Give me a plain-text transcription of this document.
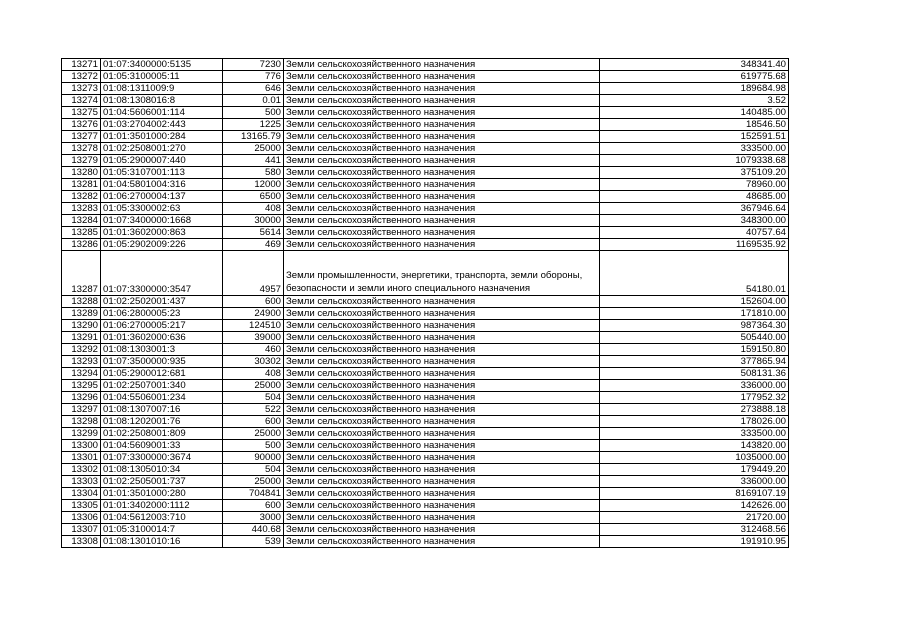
13271	01:07:3400000:5135	7230	Земли сельскохозяйственного назначения	348341.40
13272	01:05:3100005:11	776	Земли сельскохозяйственного назначения	619775.68
13273	01:08:1311009:9	646	Земли сельскохозяйственного назначения	189684.98
13274	01:08:1308016:8	0.01	Земли сельскохозяйственного назначения	3.52
13275	01:04:5606001:114	500	Земли сельскохозяйственного назначения	140485.00
13276	01:03:2704002:443	1225	Земли сельскохозяйственного назначения	18546.50
13277	01:01:3501000:284	13165.79	Земли сельскохозяйственного назначения	152591.51
13278	01:02:2508001:270	25000	Земли сельскохозяйственного назначения	333500.00
13279	01:05:2900007:440	441	Земли сельскохозяйственного назначения	1079338.68
13280	01:05:3107001:113	580	Земли сельскохозяйственного назначения	375109.20
13281	01:04:5801004:316	12000	Земли сельскохозяйственного назначения	78960.00
13282	01:06:2700004:137	6500	Земли сельскохозяйственного назначения	48685.00
13283	01:05:3300002:63	408	Земли сельскохозяйственного назначения	367946.64
13284	01:07:3400000:1668	30000	Земли сельскохозяйственного назначения	348300.00
13285	01:01:3602000:863	5614	Земли сельскохозяйственного назначения	40757.64
13286	01:05:2902009:226	469	Земли сельскохозяйственного назначения	1169535.92
13287	01:07:3300000:3547	4957	Земли промышленности, энергетики, транспорта, земли обороны, безопасности и земли иного специального назначения	54180.01
13288	01:02:2502001:437	600	Земли сельскохозяйственного назначения	152604.00
13289	01:06:2800005:23	24900	Земли сельскохозяйственного назначения	171810.00
13290	01:06:2700005:217	124510	Земли сельскохозяйственного назначения	987364.30
13291	01:01:3602000:636	39000	Земли сельскохозяйственного назначения	505440.00
13292	01:08:1303001:3	460	Земли сельскохозяйственного назначения	159150.80
13293	01:07:3500000:935	30302	Земли сельскохозяйственного назначения	377865.94
13294	01:05:2900012:681	408	Земли сельскохозяйственного назначения	508131.36
13295	01:02:2507001:340	25000	Земли сельскохозяйственного назначения	336000.00
13296	01:04:5506001:234	504	Земли сельскохозяйственного назначения	177952.32
13297	01:08:1307007:16	522	Земли сельскохозяйственного назначения	273888.18
13298	01:08:1202001:76	600	Земли сельскохозяйственного назначения	178026.00
13299	01:02:2508001:809	25000	Земли сельскохозяйственного назначения	333500.00
13300	01:04:5609001:33	500	Земли сельскохозяйственного назначения	143820.00
13301	01:07:3300000:3674	90000	Земли сельскохозяйственного назначения	1035000.00
13302	01:08:1305010:34	504	Земли сельскохозяйственного назначения	179449.20
13303	01:02:2505001:737	25000	Земли сельскохозяйственного назначения	336000.00
13304	01:01:3501000:280	704841	Земли сельскохозяйственного назначения	8169107.19
13305	01:01:3402000:1112	600	Земли сельскохозяйственного назначения	142626.00
13306	01:04:5612003:710	3000	Земли сельскохозяйственного назначения	21720.00
13307	01:05:3100014:7	440.68	Земли сельскохозяйственного назначения	312468.56
13308	01:08:1301010:16	539	Земли сельскохозяйственного назначения	191910.95
